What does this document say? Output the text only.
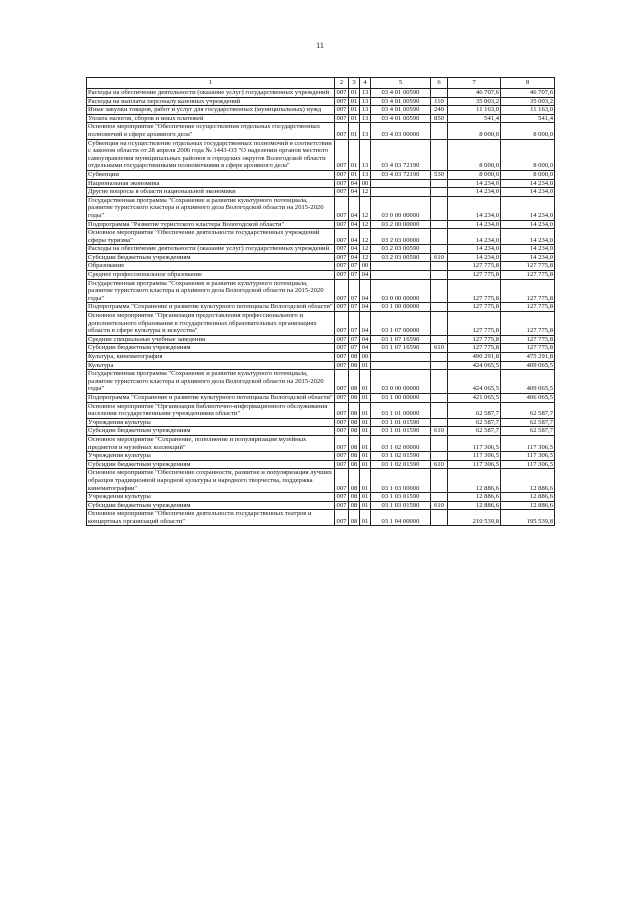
11
1	2	3	4	5	6	7	8
Расходы на обеспечение деятельности (оказание услуг) государственных учреждений	007	01	13	03 4 01 00590		46 707,6	46 707,6
Расходы на выплаты персоналу казенных учреждений	007	01	13	03 4 01 00590	110	35 003,2	35 003,2
Иные закупки товаров, работ и услуг для государственных (муниципальных) нужд	007	01	13	03 4 01 00590	240	11 163,0	11 163,0
Уплата налогов, сборов и иных платежей	007	01	13	03 4 01 00590	850	541,4	541,4
Основное мероприятие "Обеспечение осуществления отдельных государственных полномочий в сфере архивного дела"	007	01	13	03 4 03 00000		8 000,0	8 000,0
Субвенция на осуществление отдельных государственных полномочий в соответствии с законом области от 28 апреля 2006 года № 1443-ОЗ "О наделении органов местного самоуправления муниципальных районов и городских округов Вологодской области отдельными государственными полномочиями в сфере архивного дела"	007	01	13	03 4 03 72190		8 000,0	8 000,0
Субвенции	007	01	13	03 4 03 72190	530	8 000,0	8 000,0
Национальная экономика	007	04	00			14 234,0	14 234,0
Другие вопросы в области национальной экономики	007	04	12			14 234,0	14 234,0
Государственная программа "Сохранение и развитие культурного потенциала, развитие туристского кластера и архивного дела Вологодской области на 2015-2020 годы"	007	04	12	03 0 00 00000		14 234,0	14 234,0
Подпрограмма "Развитие туристского кластера Вологодской области"	007	04	12	03 2 00 00000		14 234,0	14 234,0
Основное мероприятие "Обеспечение деятельности государственных учреждений сферы туризма"	007	04	12	03 2 03 00000		14 234,0	14 234,0
Расходы на обеспечение деятельности (оказание услуг) государственных учреждений	007	04	12	03 2 03 00590		14 234,0	14 234,0
Субсидии бюджетным учреждениям	007	04	12	03 2 03 00590	610	14 234,0	14 234,0
Образование	007	07	00			127 775,8	127 775,8
Среднее профессиональное образование	007	07	04			127 775,8	127 775,8
Государственная программа "Сохранение и развитие культурного потенциала, развитие туристского кластера и архивного дела Вологодской области на 2015-2020 годы"	007	07	04	03 0 00 00000		127 775,8	127 775,8
Подпрограмма "Сохранение и развитие культурного потенциала Вологодской области"	007	07	04	03 1 00 00000		127 775,8	127 775,8
Основное мероприятие "Организация предоставления профессионального и дополнительного образования в государственных образовательных организациях области в сфере культуры и искусства"	007	07	04	03 1 07 00000		127 775,8	127 775,8
Средние специальные учебные заведения	007	07	04	03 1 07 16590		127 775,8	127 775,8
Субсидии бюджетным учреждениям	007	07	04	03 1 07 16590	610	127 775,8	127 775,8
Культура, кинематография	007	08	00			490 291,8	475 291,8
Культура	007	08	01			424 065,5	409 065,5
Государственная программа "Сохранение и развитие культурного потенциала, развитие туристского кластера и архивного дела Вологодской области на 2015-2020 годы"	007	08	01	03 0 00 00000		424 065,5	409 065,5
Подпрограмма "Сохранение и развитие культурного потенциала Вологодской области"	007	08	01	03 1 00 00000		421 065,5	406 065,5
Основное мероприятие "Организация библиотечно-информационного обслуживания населения государственными учреждениями области"	007	08	01	03 1 01 00000		62 587,7	62 587,7
Учреждения культуры	007	08	01	03 1 01 01590		62 587,7	62 587,7
Субсидии бюджетным учреждениям	007	08	01	03 1 01 01590	610	62 587,7	62 587,7
Основное мероприятие "Сохранение, пополнение и популяризация музейных предметов и музейных коллекций"	007	08	01	03 1 02 00000		117 306,5	117 306,5
Учреждения культуры	007	08	01	03 1 02 01590		117 306,5	117 306,5
Субсидии бюджетным учреждениям	007	08	01	03 1 02 01590	610	117 306,5	117 306,5
Основное мероприятие "Обеспечение сохранности, развитие и популяризация лучших образцов традиционной народной культуры и народного творчества, поддержка кинематографии"	007	08	01	03 1 03 00000		12 886,6	12 886,6
Учреждения культуры	007	08	01	03 1 03 01590		12 886,6	12 886,6
Субсидии бюджетным учреждениям	007	08	01	03 1 03 01590	610	12 886,6	12 886,6
Основное мероприятие "Обеспечение деятельности государственных театров и концертных организаций области"	007	08	01	03 1 04 00000		210 539,8	195 539,8
